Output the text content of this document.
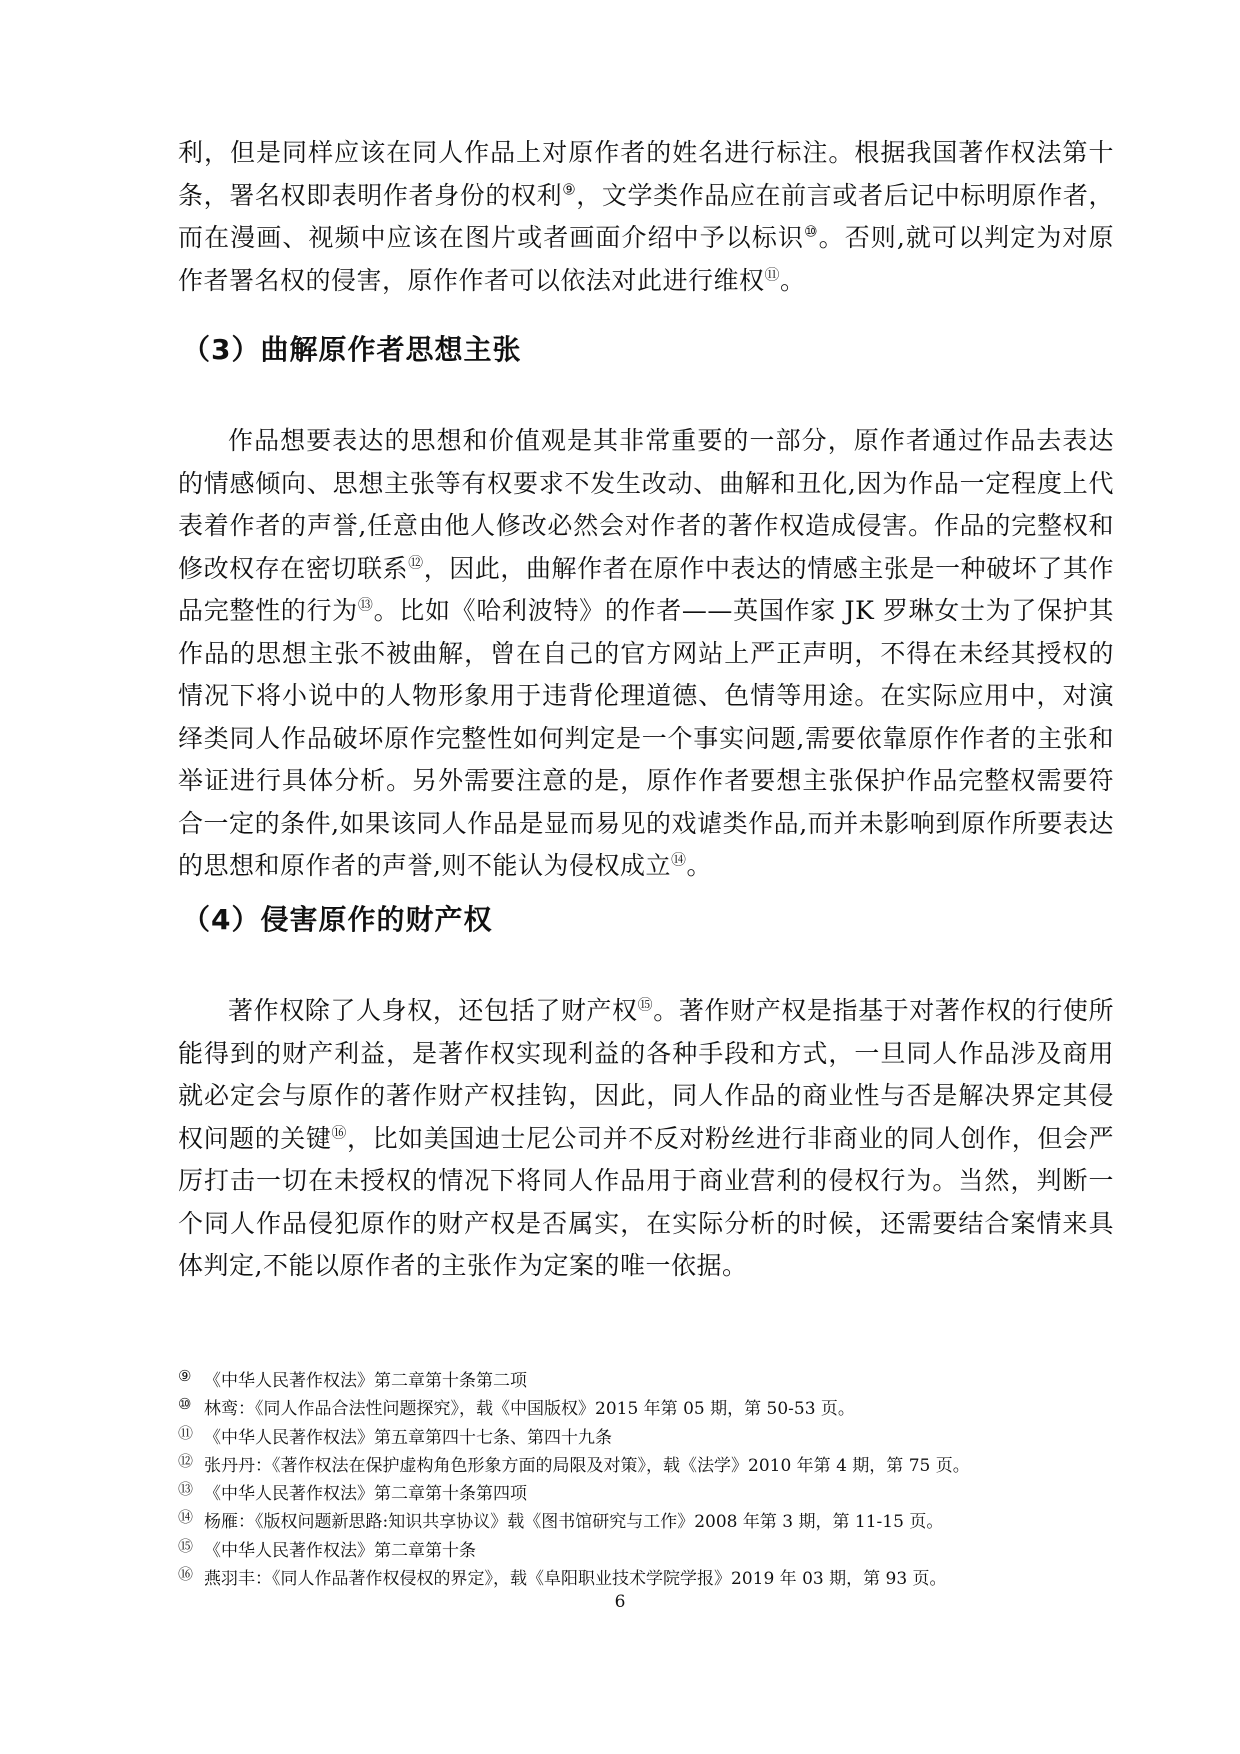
利，但是同样应该在同人作品上对原作者的姓名进行标注。根据我国著作权法第十条，署名权即表明作者身份的权利⑨，文学类作品应在前言或者后记中标明原作者，而在漫画、视频中应该在图片或者画面介绍中予以标识⑩。否则,就可以判定为对原作者署名权的侵害，原作作者可以依法对此进行维权⑪。

（3）曲解原作者思想主张

作品想要表达的思想和价值观是其非常重要的一部分，原作者通过作品去表达的情感倾向、思想主张等有权要求不发生改动、曲解和丑化,因为作品一定程度上代表着作者的声誉,任意由他人修改必然会对作者的著作权造成侵害。作品的完整权和修改权存在密切联系⑫，因此，曲解作者在原作中表达的情感主张是一种破坏了其作品完整性的行为⑬。比如《哈利波特》的作者——英国作家 JK 罗琳女士为了保护其作品的思想主张不被曲解，曾在自己的官方网站上严正声明，不得在未经其授权的情况下将小说中的人物形象用于违背伦理道德、色情等用途。在实际应用中，对演绎类同人作品破坏原作完整性如何判定是一个事实问题,需要依靠原作作者的主张和举证进行具体分析。另外需要注意的是，原作作者要想主张保护作品完整权需要符合一定的条件,如果该同人作品是显而易见的戏谑类作品,而并未影响到原作所要表达的思想和原作者的声誉,则不能认为侵权成立⑭。

（4）侵害原作的财产权

著作权除了人身权，还包括了财产权⑮。著作财产权是指基于对著作权的行使所能得到的财产利益，是著作权实现利益的各种手段和方式，一旦同人作品涉及商用就必定会与原作的著作财产权挂钩，因此，同人作品的商业性与否是解决界定其侵权问题的关键⑯，比如美国迪士尼公司并不反对粉丝进行非商业的同人创作，但会严厉打击一切在未授权的情况下将同人作品用于商业营利的侵权行为。当然，判断一个同人作品侵犯原作的财产权是否属实，在实际分析的时候，还需要结合案情来具体判定,不能以原作者的主张作为定案的唯一依据。

⑨ 《中华人民著作权法》第二章第十条第二项
⑩ 林鸾：《同人作品合法性问题探究》，载《中国版权》2015 年第 05 期，第 50-53 页。
⑪ 《中华人民著作权法》第五章第四十七条、第四十九条
⑫ 张丹丹：《著作权法在保护虚构角色形象方面的局限及对策》，载《法学》2010 年第 4 期，第 75 页。
⑬ 《中华人民著作权法》第二章第十条第四项
⑭ 杨雁：《版权问题新思路:知识共享协议》载《图书馆研究与工作》2008 年第 3 期，第 11-15 页。
⑮ 《中华人民著作权法》第二章第十条
⑯ 燕羽丰：《同人作品著作权侵权的界定》，载《阜阳职业技术学院学报》2019 年 03 期，第 93 页。
6
